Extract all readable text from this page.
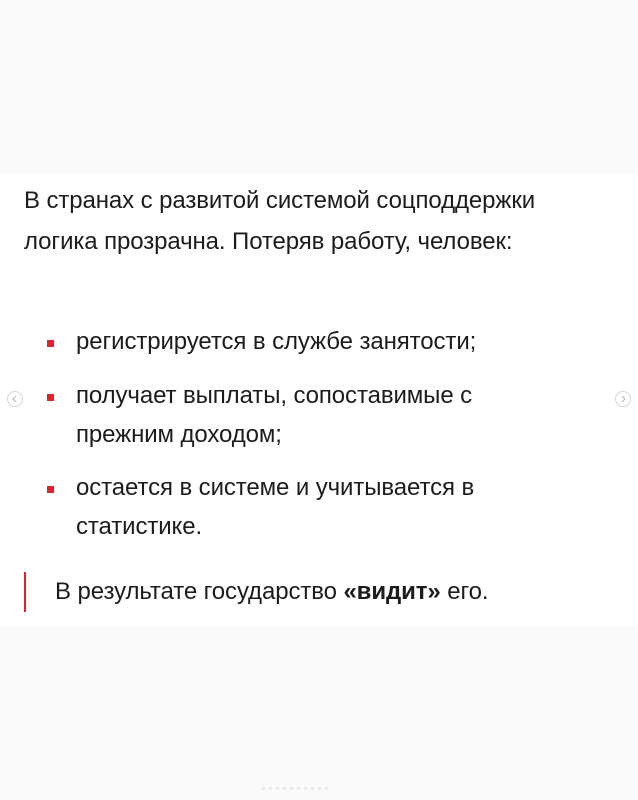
В странах с развитой системой соцподдержки логика прозрачна. Потеряв работу, человек:

регистрируется в службе занятости;
получает выплаты, сопоставимые с прежним доходом;
остается в системе и учитывается в статистике.
В результате государство «видит» его.
